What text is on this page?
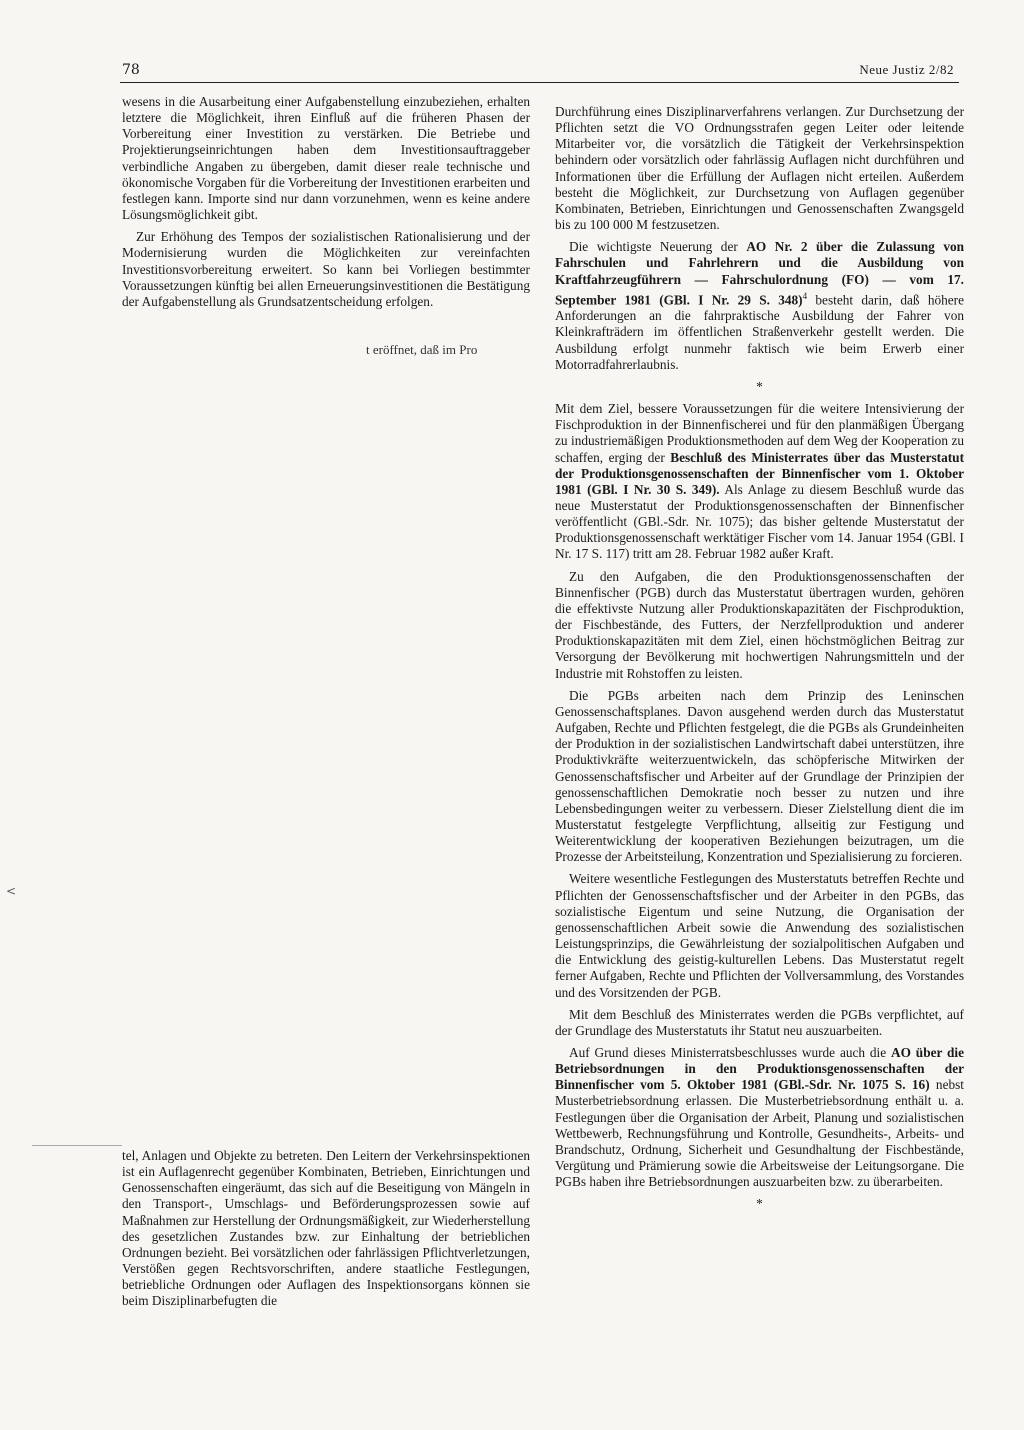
78	Neue Justiz 2/82

wesens in die Ausarbeitung einer Aufgabenstellung einzubeziehen, erhalten letztere die Möglichkeit, ihren Einfluß auf die früheren Phasen der Vorbereitung einer Investition zu verstärken. Die Betriebe und Projektierungseinrichtungen haben dem Investitionsauftraggeber verbindliche Angaben zu übergeben, damit dieser reale technische und ökonomische Vorgaben für die Vorbereitung der Investitionen erarbeiten und festlegen kann. Importe sind nur dann vorzunehmen, wenn es keine andere Lösungsmöglichkeit gibt.

Zur Erhöhung des Tempos der sozialistischen Rationalisierung und der Modernisierung wurden die Möglichkeiten zur vereinfachten Investitionsvorbereitung erweitert. So kann bei Vorliegen bestimmter Voraussetzungen künftig bei allen Erneuerungsinvestitionen die Bestätigung der Aufgabenstellung als Grundsatzentscheidung erfolgen.

t eröffnet, daß im Pro
<

tel, Anlagen und Objekte zu betreten. Den Leitern der Verkehrsinspektionen ist ein Auflagenrecht gegenüber Kombinaten, Betrieben, Einrichtungen und Genossenschaften eingeräumt, das sich auf die Beseitigung von Mängeln in den Transport-, Umschlags- und Beförderungsprozessen sowie auf Maßnahmen zur Herstellung der Ordnungsmäßigkeit, zur Wiederherstellung des gesetzlichen Zustandes bzw. zur Einhaltung der betrieblichen Ordnungen bezieht. Bei vorsätzlichen oder fahrlässigen Pflichtverletzungen, Verstößen gegen Rechtsvorschriften, andere staatliche Festlegungen, betriebliche Ordnungen oder Auflagen des Inspektionsorgans können sie beim Disziplinarbefugten die

Durchführung eines Disziplinarverfahrens verlangen. Zur Durchsetzung der Pflichten setzt die VO Ordnungsstrafen gegen Leiter oder leitende Mitarbeiter vor, die vorsätzlich die Tätigkeit der Verkehrsinspektion behindern oder vorsätzlich oder fahrlässig Auflagen nicht durchführen und Informationen über die Erfüllung der Auflagen nicht erteilen. Außerdem besteht die Möglichkeit, zur Durchsetzung von Auflagen gegenüber Kombinaten, Betrieben, Einrichtungen und Genossenschaften Zwangsgeld bis zu 100 000 M festzusetzen.

Die wichtigste Neuerung der AO Nr. 2 über die Zulassung von Fahrschulen und Fahrlehrern und die Ausbildung von Kraftfahrzeugführern — Fahrschulordnung (FO) — vom 17. September 1981 (GBl. I Nr. 29 S. 348)$^4$ besteht darin, daß höhere Anforderungen an die fahrpraktische Ausbildung der Fahrer von Kleinkrafträdern im öffentlichen Straßenverkehr gestellt werden. Die Ausbildung erfolgt nunmehr faktisch wie beim Erwerb einer Motorradfahrerlaubnis.

*

Mit dem Ziel, bessere Voraussetzungen für die weitere Intensivierung der Fischproduktion in der Binnenfischerei und für den planmäßigen Übergang zu industriemäßigen Produktionsmethoden auf dem Weg der Kooperation zu schaffen, erging der Beschluß des Ministerrates über das Musterstatut der Produktionsgenossenschaften der Binnenfischer vom 1. Oktober 1981 (GBl. I Nr. 30 S. 349). Als Anlage zu diesem Beschluß wurde das neue Musterstatut der Produktionsgenossenschaften der Binnenfischer veröffentlicht (GBl.-Sdr. Nr. 1075); das bisher geltende Musterstatut der Produktionsgenossenschaft werktätiger Fischer vom 14. Januar 1954 (GBl. I Nr. 17 S. 117) tritt am 28. Februar 1982 außer Kraft.

Zu den Aufgaben, die den Produktionsgenossenschaften der Binnenfischer (PGB) durch das Musterstatut übertragen wurden, gehören die effektivste Nutzung aller Produktionskapazitäten der Fischproduktion, der Fischbestände, des Futters, der Nerzfellproduktion und anderer Produktionskapazitäten mit dem Ziel, einen höchstmöglichen Beitrag zur Versorgung der Bevölkerung mit hochwertigen Nahrungsmitteln und der Industrie mit Rohstoffen zu leisten.

Die PGBs arbeiten nach dem Prinzip des Leninschen Genossenschaftsplanes. Davon ausgehend werden durch das Musterstatut Aufgaben, Rechte und Pflichten festgelegt, die die PGBs als Grundeinheiten der Produktion in der sozialistischen Landwirtschaft dabei unterstützen, ihre Produktivkräfte weiterzuentwickeln, das schöpferische Mitwirken der Genossenschaftsfischer und Arbeiter auf der Grundlage der Prinzipien der genossenschaftlichen Demokratie noch besser zu nutzen und ihre Lebensbedingungen weiter zu verbessern. Dieser Zielstellung dient die im Musterstatut festgelegte Verpflichtung, allseitig zur Festigung und Weiterentwicklung der kooperativen Beziehungen beizutragen, um die Prozesse der Arbeitsteilung, Konzentration und Spezialisierung zu forcieren.

Weitere wesentliche Festlegungen des Musterstatuts betreffen Rechte und Pflichten der Genossenschaftsfischer und der Arbeiter in den PGBs, das sozialistische Eigentum und seine Nutzung, die Organisation der genossenschaftlichen Arbeit sowie die Anwendung des sozialistischen Leistungsprinzips, die Gewährleistung der sozialpolitischen Aufgaben und die Entwicklung des geistig-kulturellen Lebens. Das Musterstatut regelt ferner Aufgaben, Rechte und Pflichten der Vollversammlung, des Vorstandes und des Vorsitzenden der PGB.

Mit dem Beschluß des Ministerrates werden die PGBs verpflichtet, auf der Grundlage des Musterstatuts ihr Statut neu auszuarbeiten.

Auf Grund dieses Ministerratsbeschlusses wurde auch die AO über die Betriebsordnungen in den Produktionsgenossenschaften der Binnenfischer vom 5. Oktober 1981 (GBl.-Sdr. Nr. 1075 S. 16) nebst Musterbetriebsordnung erlassen. Die Musterbetriebsordnung enthält u. a. Festlegungen über die Organisation der Arbeit, Planung und sozialistischen Wettbewerb, Rechnungsführung und Kontrolle, Gesundheits-, Arbeits- und Brandschutz, Ordnung, Sicherheit und Gesundhaltung der Fischbestände, Vergütung und Prämierung sowie die Arbeitsweise der Leitungsorgane. Die PGBs haben ihre Betriebsordnungen auszuarbeiten bzw. zu überarbeiten.

*
